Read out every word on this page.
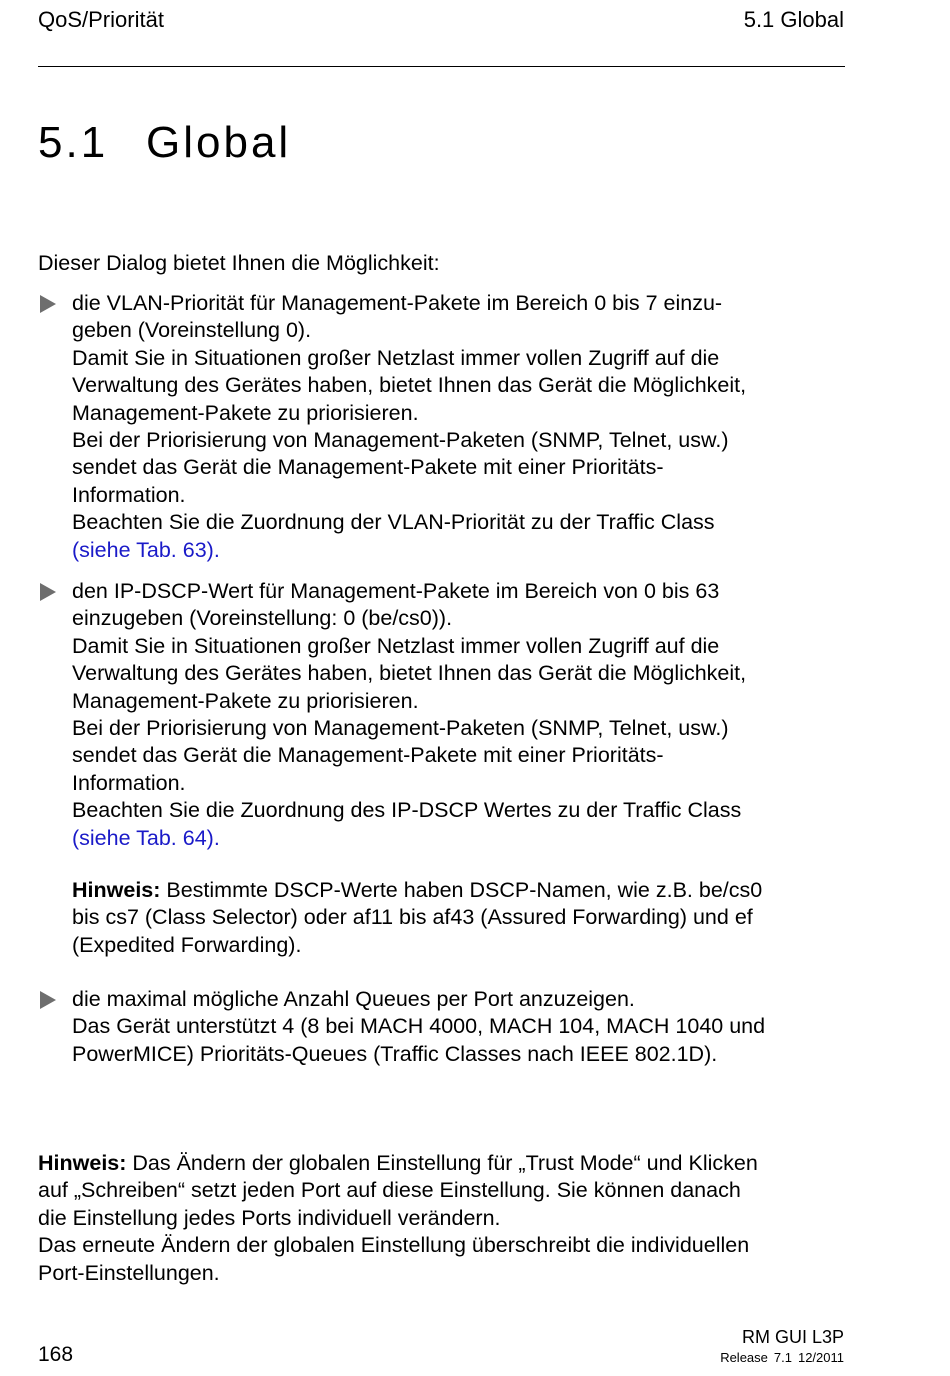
QoS/Priorität	5.1 Global
5.1 Global
Dieser Dialog bietet Ihnen die Möglichkeit:
die VLAN-Priorität für Management-Pakete im Bereich 0 bis 7 einzu-
geben (Voreinstellung 0).
Damit Sie in Situationen großer Netzlast immer vollen Zugriff auf die
Verwaltung des Gerätes haben, bietet Ihnen das Gerät die Möglichkeit,
Management-Pakete zu priorisieren.
Bei der Priorisierung von Management-Paketen (SNMP, Telnet, usw.)
sendet das Gerät die Management-Pakete mit einer Prioritäts-
Information.
Beachten Sie die Zuordnung der VLAN-Priorität zu der Traffic Class
(siehe Tab. 63).
den IP-DSCP-Wert für Management-Pakete im Bereich von 0 bis 63
einzugeben (Voreinstellung: 0 (be/cs0)).
Damit Sie in Situationen großer Netzlast immer vollen Zugriff auf die
Verwaltung des Gerätes haben, bietet Ihnen das Gerät die Möglichkeit,
Management-Pakete zu priorisieren.
Bei der Priorisierung von Management-Paketen (SNMP, Telnet, usw.)
sendet das Gerät die Management-Pakete mit einer Prioritäts-
Information.
Beachten Sie die Zuordnung des IP-DSCP Wertes zu der Traffic Class
(siehe Tab. 64).
Hinweis: Bestimmte DSCP-Werte haben DSCP-Namen, wie z.B. be/cs0
bis cs7 (Class Selector) oder af11 bis af43 (Assured Forwarding) und ef
(Expedited Forwarding).
die maximal mögliche Anzahl Queues per Port anzuzeigen.
Das Gerät unterstützt 4 (8 bei MACH 4000, MACH 104, MACH 1040 und
PowerMICE) Prioritäts-Queues (Traffic Classes nach IEEE 802.1D).
Hinweis: Das Ändern der globalen Einstellung für „Trust Mode“ und Klicken
auf „Schreiben“ setzt jeden Port auf diese Einstellung. Sie können danach
die Einstellung jedes Ports individuell verändern.
Das erneute Ändern der globalen Einstellung überschreibt die individuellen
Port-Einstellungen.
168
RM GUI L3P
Release 7.1 12/2011
